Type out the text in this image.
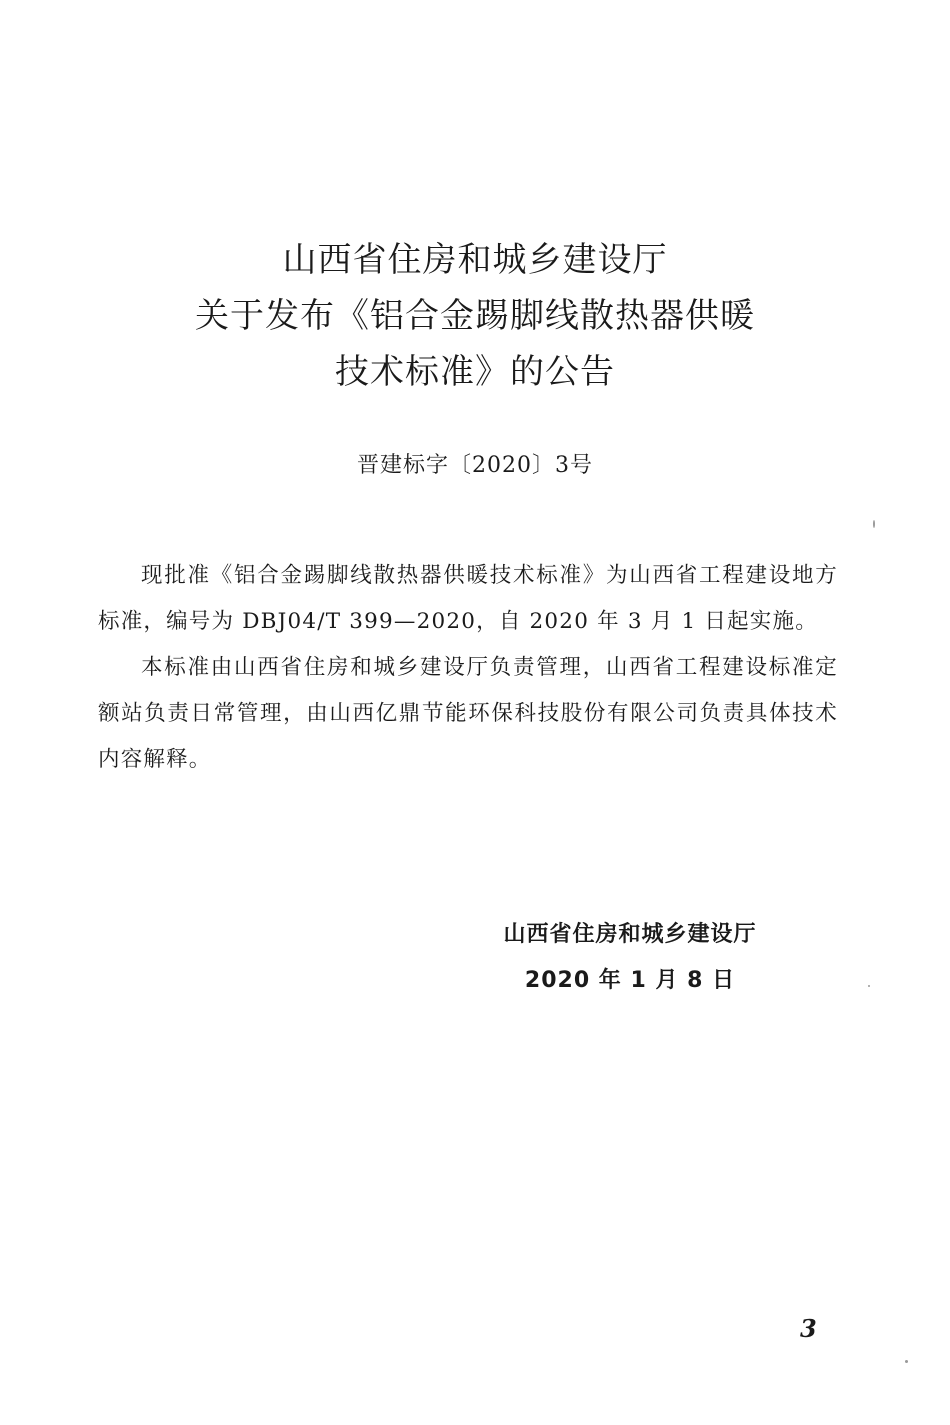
山西省住房和城乡建设厅
关于发布《铝合金踢脚线散热器供暖
技术标准》的公告
晋建标字〔2020〕3号

现批准《铝合金踢脚线散热器供暖技术标准》为山西省工程建设地方标准，编号为 DBJ04/T 399—2020，自 2020 年 3 月 1 日起实施。

本标准由山西省住房和城乡建设厅负责管理，山西省工程建设标准定额站负责日常管理，由山西亿鼎节能环保科技股份有限公司负责具体技术内容解释。

山西省住房和城乡建设厅
2020 年 1 月 8 日
3
